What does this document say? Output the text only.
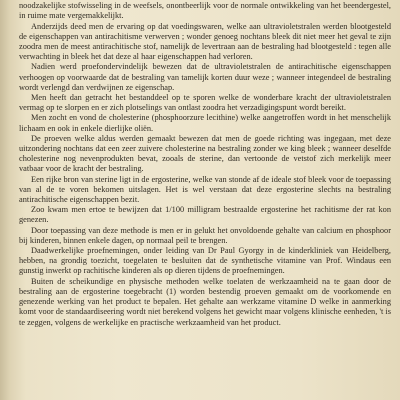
noodzakelijke stofwisseling in de weefsels, onontbeerlijk voor de normale ontwikkeling van het beendergestel, in ruime mate vergemakkelijkt.

Anderzijds deed men de ervaring op dat voedingswaren, welke aan ultravioletstralen werden blootgesteld de eigenschappen van antirachitisme verwerven ; wonder genoeg nochtans bleek dit niet meer het geval te zijn zoodra men de meest antirachitische stof, namelijk de levertraan aan de bestraling had blootgesteld : tegen alle verwachting in bleek het dat deze al haar eigenschappen had verloren.

Nadien werd proefondervindelijk bewezen dat de ultravioletstralen de antirachitische eigenschappen verhoogen op voorwaarde dat de bestraling van tamelijk korten duur weze ; wanneer integendeel de bestraling wordt verlengd dan verdwijnen ze eigenschap.

Men heeft dan getracht het bestanddeel op te sporen welke de wonderbare kracht der ultravioletstralen vermag op te slorpen en er zich plotselings van ontlast zoodra het verzadigingspunt wordt bereikt.

Men zocht en vond de cholesterine (phosphoorzure lecithine) welke aangetroffen wordt in het menschelijk lichaam en ook in enkele dierlijke oliën.

De proeven welke aldus werden gemaakt bewezen dat men de goede richting was ingegaan, met deze uitzondering nochtans dat een zeer zuivere cholesterine na bestraling zonder we king bleek ; wanneer deselfde cholesterine nog nevenprodukten bevat, zooals de sterine, dan vertoonde de vetstof zich merkelijk meer vatbaar voor de kracht der bestraling.

Een rijke bron van sterine ligt in de ergosterine, welke van stonde af de ideale stof bleek voor de toepassing van al de te voren bekomen uitslagen. Het is wel verstaan dat deze ergosterine slechts na bestraling antirachitische eigenschappen bezit.

Zoo kwam men ertoe te bewijzen dat 1/100 milligram bestraalde ergosterine het rachitisme der rat kon genezen.

Door toepassing van deze methode is men er in gelukt het onvoldoende gehalte van calcium en phosphoor bij kinderen, binnen enkele dagen, op normaal peil te brengen.

Daadwerkelijke proefnemingen, onder leiding van Dr Paul Gyorgy in de kinderkliniek van Heidelberg, hebben, na grondig toezicht, toegelaten te besluiten dat de synthetische vitamine van Prof. Windaus een gunstig inwerkt op rachitische kinderen als op dieren tijdens de proefnemingen.

Buiten de scheikundige en physische methoden welke toelaten de werkzaamheid na te gaan door de bestraling aan de ergosterine toegebracht (1) worden bestendig proeven gemaakt om de voorkomende en genezende werking van het product te bepalen. Het gehalte aan werkzame vitamine D welke in aanmerking komt voor de standaardiseering wordt niet berekend volgens het gewicht maar volgens klinische eenheden, 't is te zeggen, volgens de werkelijke en practische werkzaamheid van het product.
